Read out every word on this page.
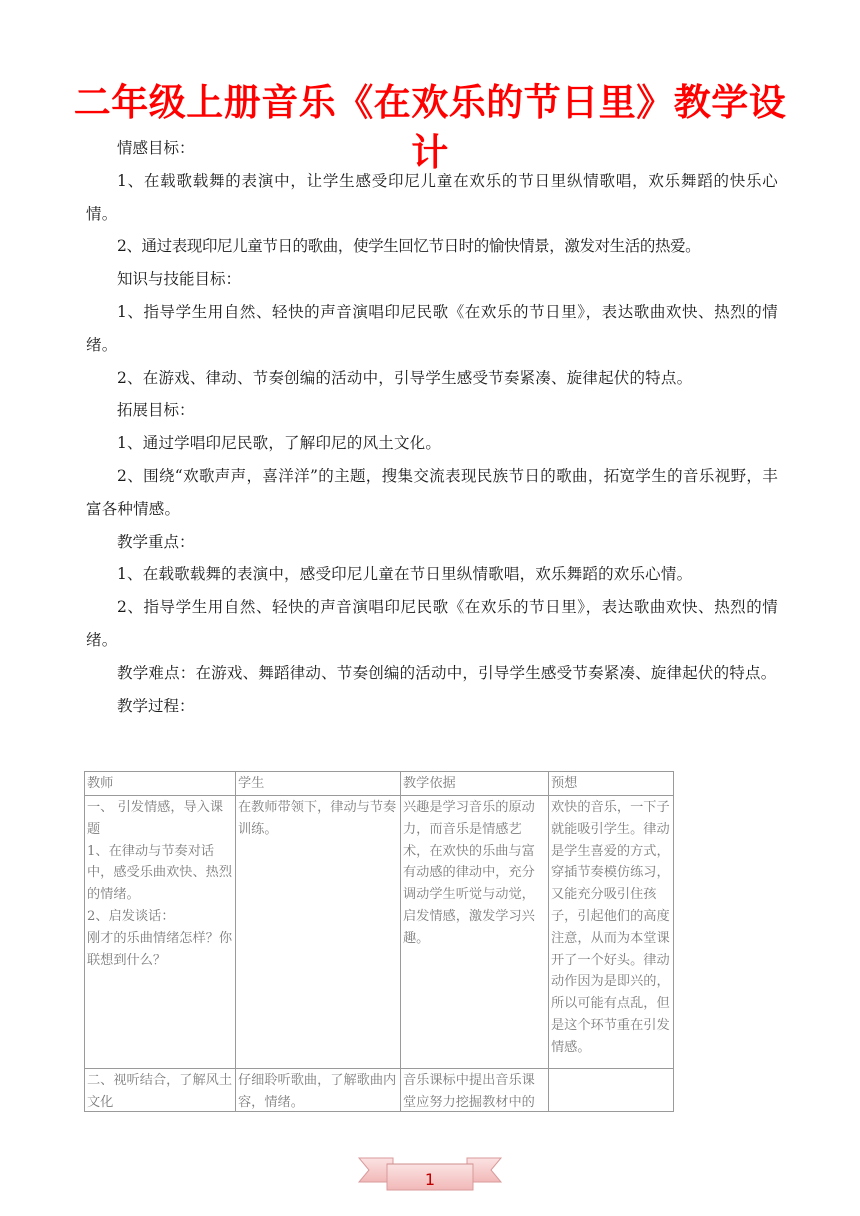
二年级上册音乐《在欢乐的节日里》教学设计

情感目标：

1、在载歌载舞的表演中，让学生感受印尼儿童在欢乐的节日里纵情歌唱，欢乐舞蹈的快乐心情。

2、通过表现印尼儿童节日的歌曲，使学生回忆节日时的愉快情景，激发对生活的热爱。

知识与技能目标：

1、指导学生用自然、轻快的声音演唱印尼民歌《在欢乐的节日里》，表达歌曲欢快、热烈的情绪。

2、在游戏、律动、节奏创编的活动中，引导学生感受节奏紧凑、旋律起伏的特点。

拓展目标：

1、通过学唱印尼民歌，了解印尼的风土文化。

2、围绕“欢歌声声，喜洋洋”的主题，搜集交流表现民族节日的歌曲，拓宽学生的音乐视野，丰富各种情感。

教学重点：

1、在载歌载舞的表演中，感受印尼儿童在节日里纵情歌唱，欢乐舞蹈的欢乐心情。

2、指导学生用自然、轻快的声音演唱印尼民歌《在欢乐的节日里》，表达歌曲欢快、热烈的情绪。

教学难点：在游戏、舞蹈律动、节奏创编的活动中，引导学生感受节奏紧凑、旋律起伏的特点。

教学过程：

教师	学生	教学依据	预想

一、 引发情感，导入课题
1、在律动与节奏对话中，感受乐曲欢快、热烈的情绪。
2、启发谈话：
刚才的乐曲情绪怎样？你联想到什么？	在教师带领下，律动与节奏训练。	兴趣是学习音乐的原动力，而音乐是情感艺术，在欢快的乐曲与富有动感的律动中，充分调动学生听觉与动觉，启发情感，激发学习兴趣。	欢快的音乐，一下子就能吸引学生。律动是学生喜爱的方式，穿插节奏模仿练习，又能充分吸引住孩子，引起他们的高度注意，从而为本堂课开了一个好头。律动动作因为是即兴的，所以可能有点乱，但是这个环节重在引发情感。

二、视听结合，了解风土文化	仔细聆听歌曲，了解歌曲内容，情绪。	音乐课标中提出音乐课堂应努力挖掘教材中的	

1
